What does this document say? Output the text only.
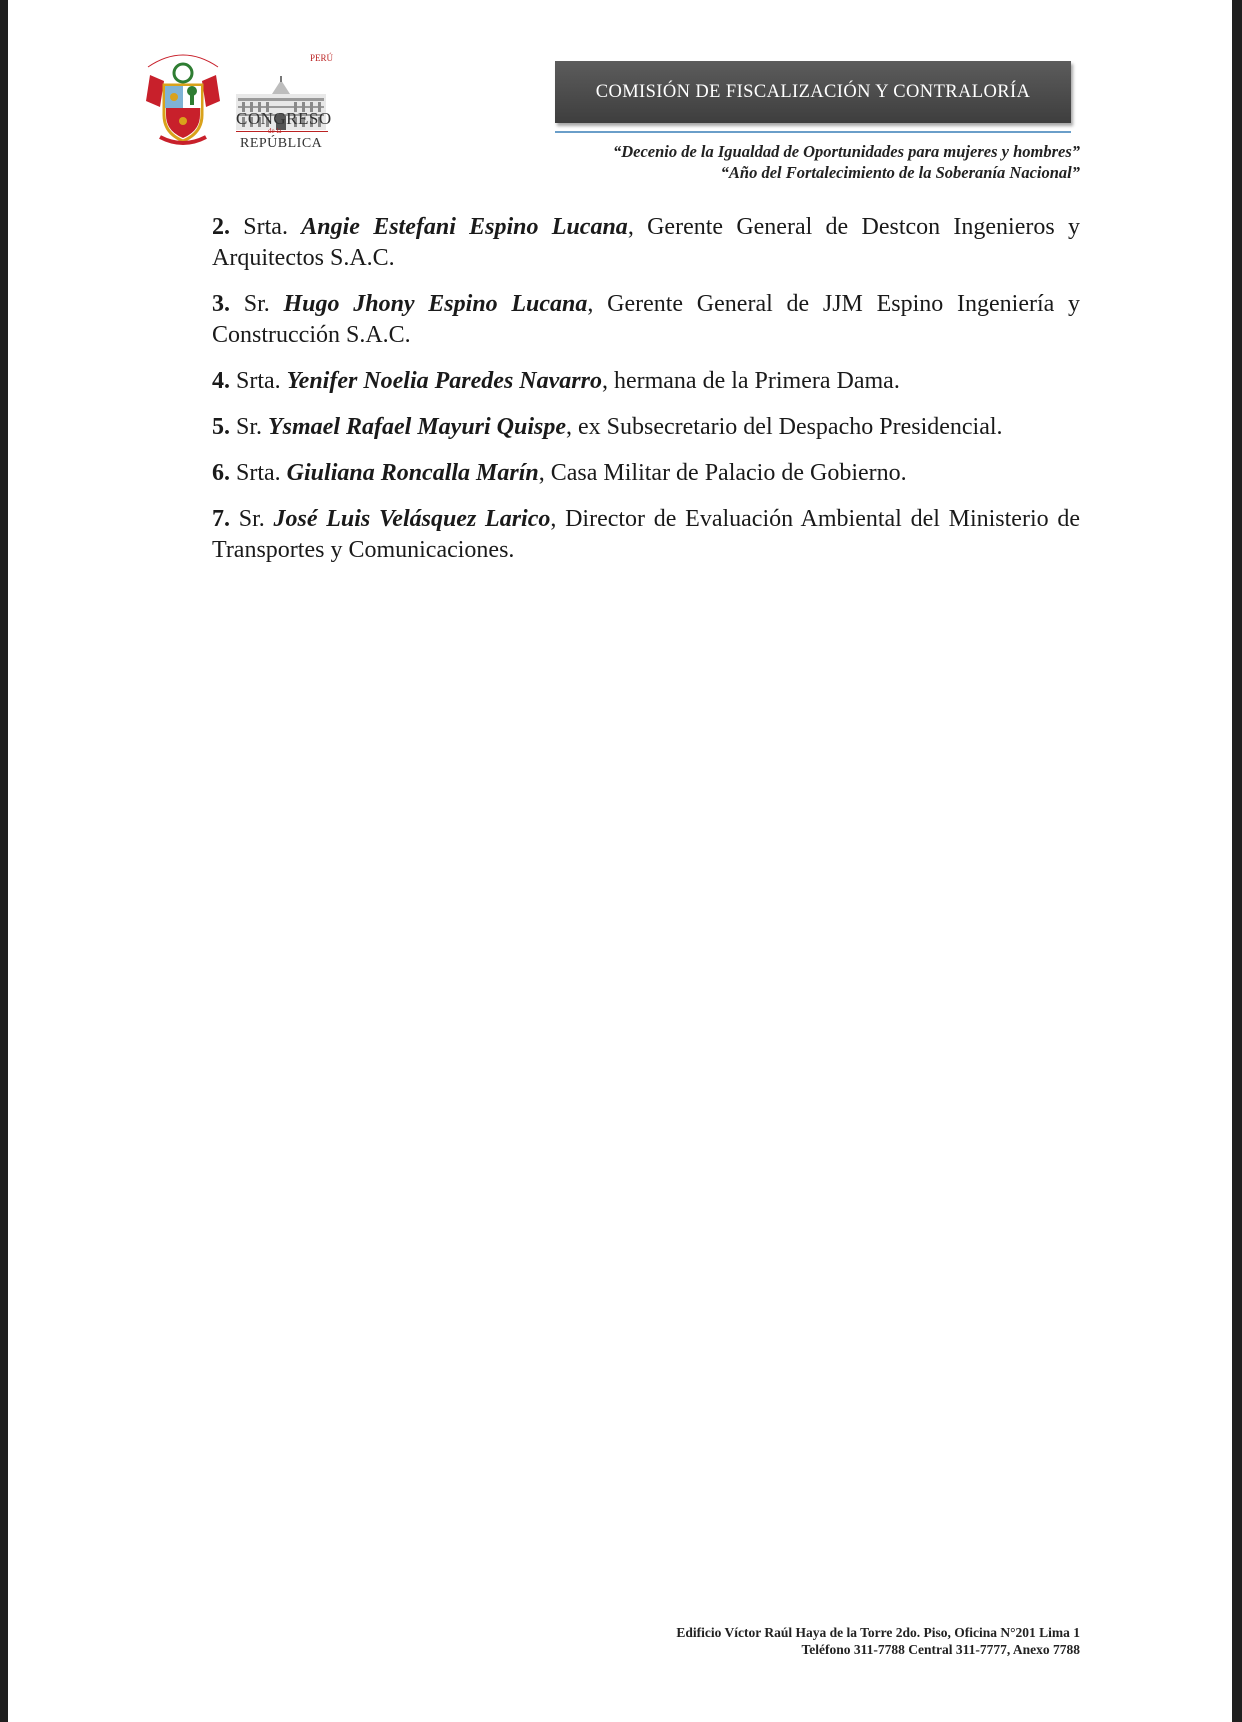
PERÚ
CONGRESO
de la
REPÚBLICA
COMISIÓN DE FISCALIZACIÓN Y CONTRALORÍA
“Decenio de la Igualdad de Oportunidades para mujeres y hombres”
“Año del Fortalecimiento de la Soberanía Nacional”
2. Srta. Angie Estefani Espino Lucana, Gerente General de Destcon Ingenieros y Arquitectos S.A.C.
3. Sr. Hugo Jhony Espino Lucana, Gerente General de JJM Espino Ingeniería y Construcción S.A.C.
4. Srta. Yenifer Noelia Paredes Navarro, hermana de la Primera Dama.
5. Sr. Ysmael Rafael Mayuri Quispe, ex Subsecretario del Despacho Presidencial.
6. Srta. Giuliana Roncalla Marín, Casa Militar de Palacio de Gobierno.
7. Sr. José Luis Velásquez Larico, Director de Evaluación Ambiental del Ministerio de Transportes y Comunicaciones.
Edificio Víctor Raúl Haya de la Torre 2do. Piso, Oficina N°201 Lima 1
Teléfono 311-7788 Central 311-7777, Anexo 7788
